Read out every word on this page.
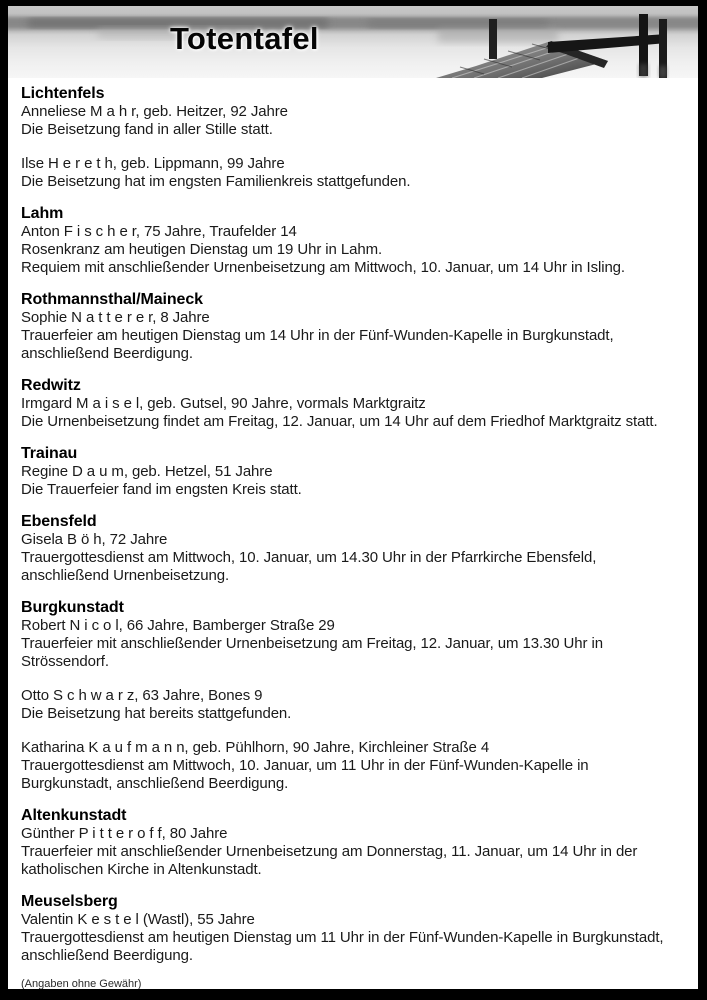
Totentafel
Lichtenfels
Anneliese M a h r, geb. Heitzer, 92 Jahre
Die Beisetzung fand in aller Stille statt.
Ilse H e r e t h, geb. Lippmann, 99 Jahre
Die Beisetzung hat im engsten Familienkreis stattgefunden.
Lahm
Anton F i s c h e r, 75 Jahre, Traufelder 14
Rosenkranz am heutigen Dienstag um 19 Uhr in Lahm.
Requiem mit anschließender Urnenbeisetzung am Mittwoch, 10. Januar, um 14 Uhr in Isling.
Rothmannsthal/Maineck
Sophie N a t t e r e r, 8 Jahre
Trauerfeier am heutigen Dienstag um 14 Uhr in der Fünf-Wunden-Kapelle in Burgkunstadt,
anschließend Beerdigung.
Redwitz
Irmgard M a i s e l, geb. Gutsel, 90 Jahre, vormals Marktgraitz
Die Urnenbeisetzung findet am Freitag, 12. Januar, um 14 Uhr auf dem Friedhof Marktgraitz statt.
Trainau
Regine D a u m, geb. Hetzel, 51 Jahre
Die Trauerfeier fand im engsten Kreis statt.
Ebensfeld
Gisela B ö h, 72 Jahre
Trauergottesdienst am Mittwoch, 10. Januar, um 14.30 Uhr in der Pfarrkirche Ebensfeld,
anschließend Urnenbeisetzung.
Burgkunstadt
Robert N i c o l, 66 Jahre, Bamberger Straße 29
Trauerfeier mit anschließender Urnenbeisetzung am Freitag, 12. Januar, um 13.30 Uhr in
Strössendorf.
Otto S c h w a r z, 63 Jahre, Bones 9
Die Beisetzung hat bereits stattgefunden.
Katharina K a u f m a n n, geb. Pühlhorn, 90 Jahre, Kirchleiner Straße 4
Trauergottesdienst am Mittwoch, 10. Januar, um 11 Uhr in der Fünf-Wunden-Kapelle in
Burgkunstadt, anschließend Beerdigung.
Altenkunstadt
Günther P i t t e r o f f, 80 Jahre
Trauerfeier mit anschließender Urnenbeisetzung am Donnerstag, 11. Januar, um 14 Uhr in der
katholischen Kirche in Altenkunstadt.
Meuselsberg
Valentin K e s t e l (Wastl), 55 Jahre
Trauergottesdienst am heutigen Dienstag um 11 Uhr in der Fünf-Wunden-Kapelle in Burgkunstadt,
anschließend Beerdigung.
(Angaben ohne Gewähr)
